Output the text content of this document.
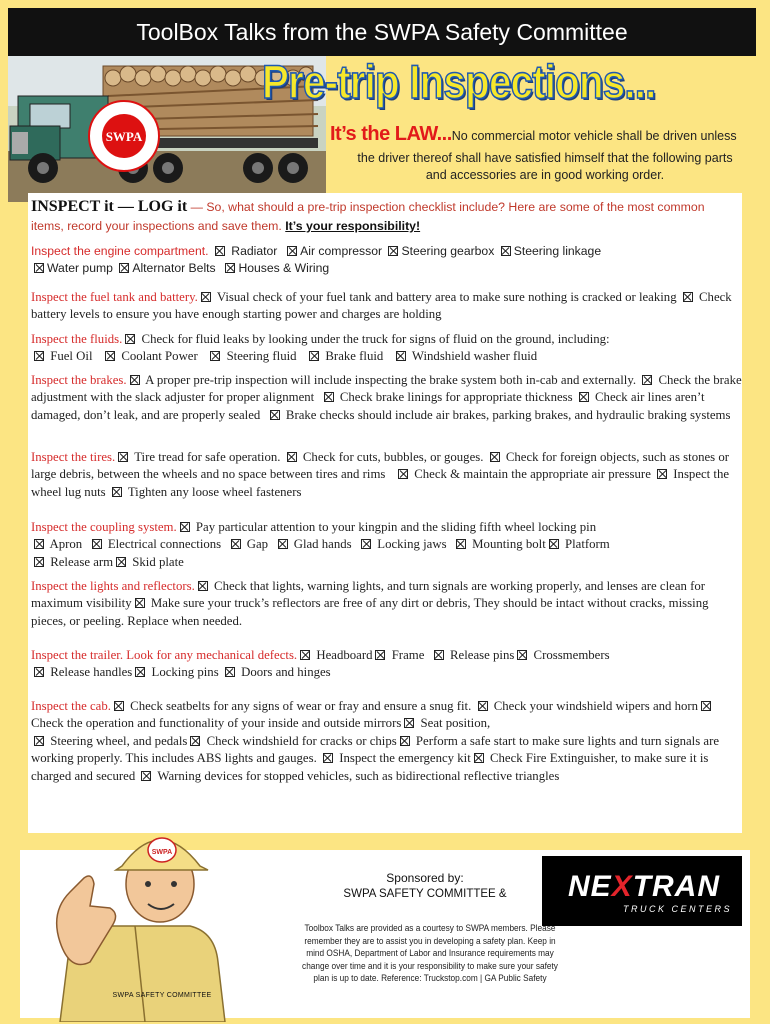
ToolBox Talks from the SWPA Safety Committee
SWPA
Pre-trip Inspections...
It’s the LAW...No commercial motor vehicle shall be driven unless
the driver thereof shall have satisfied himself that the following parts
and accessories are in good working order.
INSPECT it — LOG it — So, what should a pre-trip inspection checklist include? Here are some of the most common items, record your inspections and save them. It’s your responsibility!
Inspect the engine compartment. Radiator Air compressor Steering gearbox Steering linkage
Water pump Alternator Belts Houses & Wiring
Inspect the fuel tank and battery. Visual check of your fuel tank and battery area to make sure nothing is cracked or leaking Check battery levels to ensure you have enough starting power and charges are holding
Inspect the fluids. Check for fluid leaks by looking under the truck for signs of fluid on the ground, including:
Fuel Oil Coolant Power Steering fluid Brake fluid Windshield washer fluid
Inspect the brakes. A proper pre-trip inspection will include inspecting the brake system both in-cab and externally. Check the brake adjustment with the slack adjuster for proper alignment Check brake linings for appropriate thickness Check air lines aren’t damaged, don’t leak, and are properly sealed Brake checks should include air brakes, parking brakes, and hydraulic braking systems
Inspect the tires. Tire tread for safe operation. Check for cuts, bubbles, or gouges. Check for foreign objects, such as stones or large debris, between the wheels and no space between tires and rims Check & maintain the appropriate air pressure Inspect the wheel lug nuts Tighten any loose wheel fasteners
Inspect the coupling system. Pay particular attention to your kingpin and the sliding fifth wheel locking pin
Apron Electrical connections Gap Glad hands Locking jaws Mounting bolt Platform
Release arm Skid plate
Inspect the lights and reflectors. Check that lights, warning lights, and turn signals are working properly, and lenses are clean for maximum visibility Make sure your truck’s reflectors are free of any dirt or debris, They should be intact without cracks, missing pieces, or peeling. Replace when needed.
Inspect the trailer. Look for any mechanical defects. Headboard Frame Release pins Crossmembers
Release handles Locking pins Doors and hinges
Inspect the cab. Check seatbelts for any signs of wear or fray and ensure a snug fit. Check your windshield wipers and horn Check the operation and functionality of your inside and outside mirrors Seat position,
Steering wheel, and pedals Check windshield for cracks or chips Perform a safe start to make sure lights and turn signals are working properly. This includes ABS lights and gauges. Inspect the emergency kit Check Fire Extinguisher, to make sure it is charged and secured Warning devices for stopped vehicles, such as bidirectional reflective triangles
SWPA
SWPA SAFETY COMMITTEE
Sponsored by:
SWPA SAFETY COMMITTEE &	NEXTRAN
TRUCK CENTERS
Toolbox Talks are provided as a courtesy to SWPA members. Please remember they are to assist you in developing a safety plan. Keep in mind OSHA, Department of Labor and Insurance requirements may change over time and it is your responsibility to make sure your safety plan is up to date. Reference: Truckstop.com | GA Public Safety
